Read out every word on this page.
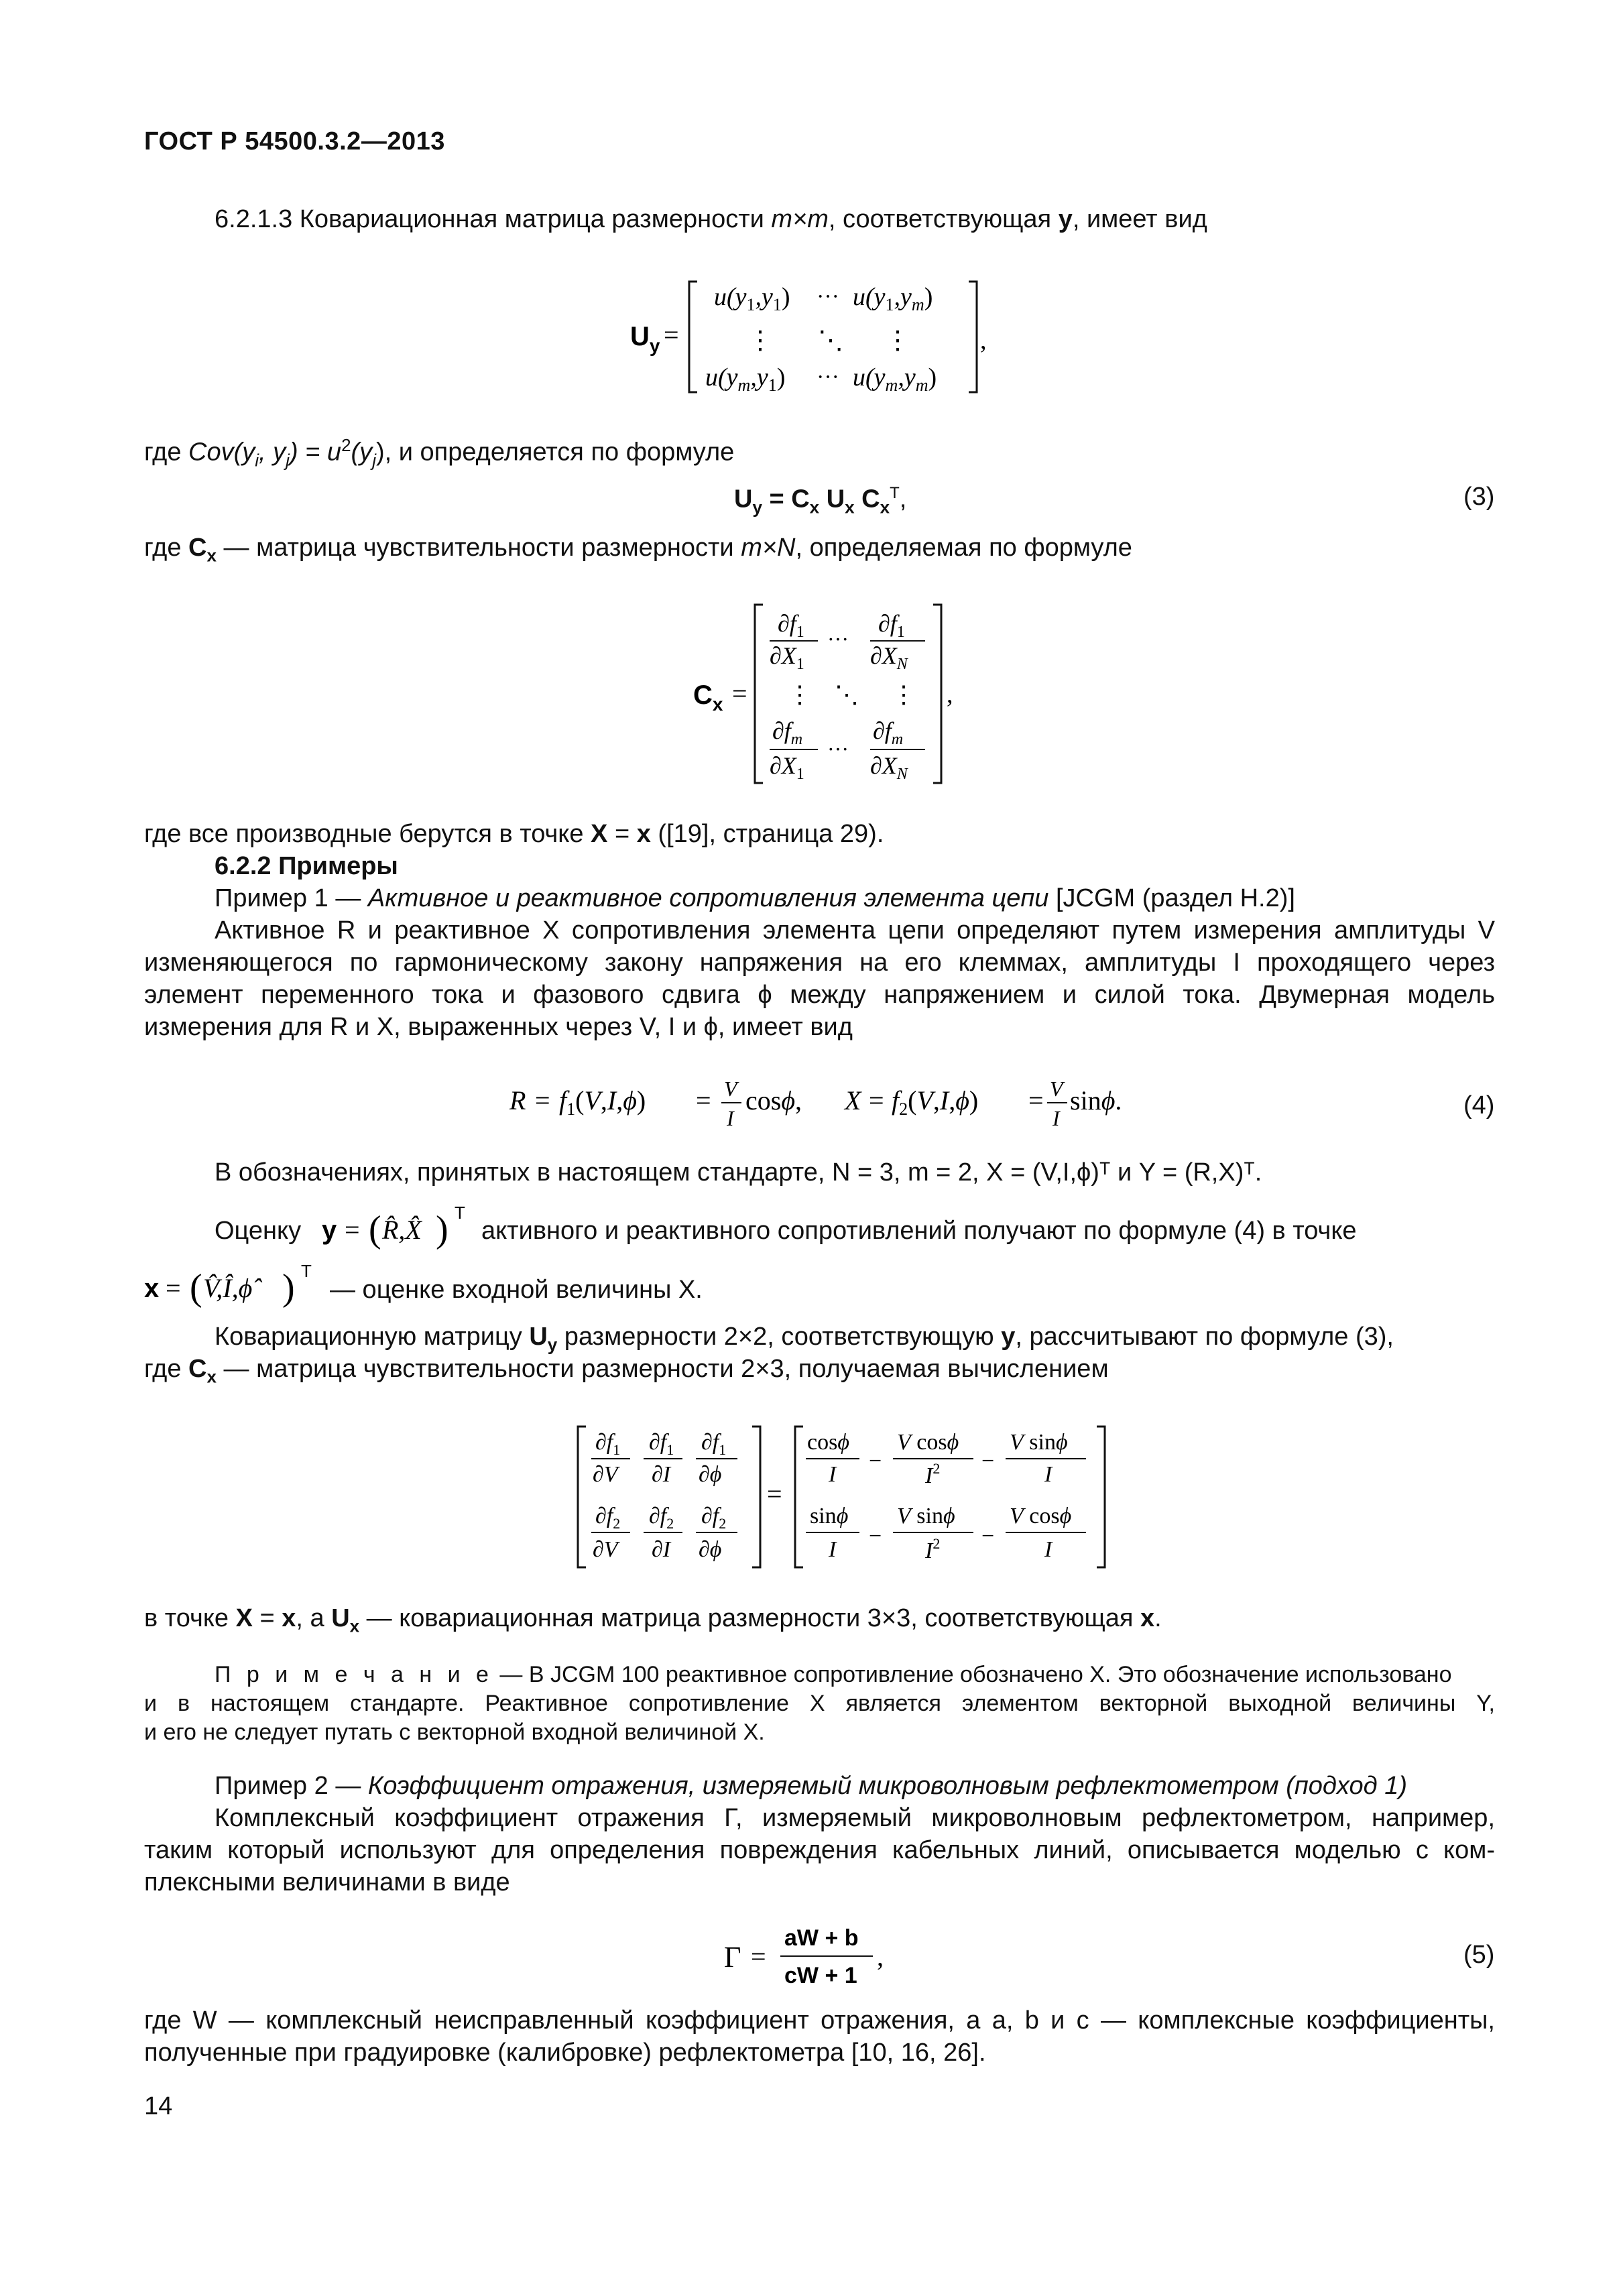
ГОСТ Р 54500.3.2—2013
6.2.1.3 Ковариационная матрица размерности m×m, соответствующая y, имеет вид
$U_y$ =
$u(y_1,y_1)$ ··· $u(y_1,y_m)$
⋮ ⋱ ⋮
$u(y_m,y_1)$ ··· $u(y_m,y_m)$
,
где $Cov(y_i$, $y_j) = u^2(y_j)$, и определяется по формуле
$U_y = C_x$ $U_x$ $C_x^T$,	(3)
где $C_x$ — матрица чувствительности размерности m×N, определяемая по формуле
$C_x$ =
$\partial f_1$
$\partial X_1$
···
$\partial f_1$
$\partial X_N$
⋮ ⋱ ⋮
$\partial f_m$
$\partial X_1$
···
$\partial f_m$
$\partial X_N$
,
где все производные берутся в точке X = x ([19], страница 29).
6.2.2 Примеры
Пример 1 — Активное и реактивное сопротивления элемента цепи [JCGM (раздел H.2)]
Активное R и реактивное X сопротивления элемента цепи определяют путем измерения амплитуды V
изменяющегося по гармоническому закону напряжения на его клеммах, амплитуды I проходящего через
элемент переменного тока и фазового сдвига ϕ между напряжением и силой тока. Двумерная модель
измерения для R и X, выраженных через V, I и ϕ, имеет вид
$R = f_1(V,I,\phi) = V$
I
cosϕ, $X = f_2(V,I,\phi) = V$
I
sinϕ.	(4)
В обозначениях, принятых в настоящем стандарте, N = 3, m = 2, X = (V,I,ϕ)ᵀ и Y = (R,X)ᵀ.
Оценку y = ( R̂,X̂ ) T
активного и реактивного сопротивлений получают по формуле (4) в точке
x = ( V̂,Î,ϕ̂ ) T
— оценке входной величины X.
Ковариационную матрицу $U_y$ размерности 2×2, соответствующую y, рассчитывают по формуле (3),
где $C_x$ — матрица чувствительности размерности 2×3, получаемая вычислением
$\partial f_1$
∂V
$\partial f_1$
∂I
$\partial f_1$
∂ϕ
$\partial f_2$
∂V
$\partial f_2$
∂I
$\partial f_2$
∂ϕ
=
cosϕ
I
−
V cosϕ
$I^2$ −
V sinϕ
I
sinϕ
I
−
V sinϕ
$I^2$ −
V cosϕ
I
в точке X = x, а $U_x$ — ковариационная матрица размерности 3×3, соответствующая x.
П р и м е ч а н и е — В JCGM 100 реактивное сопротивление обозначено X. Это обозначение использовано
и в настоящем стандарте. Реактивное сопротивление X является элементом векторной выходной величины Y,
и его не следует путать с векторной входной величиной X.
Пример 2 — Коэффициент отражения, измеряемый микроволновым рефлектометром (подход 1)
Комплексный коэффициент отражения Γ, измеряемый микроволновым рефлектометром, например,
таким который используют для определения повреждения кабельных линий, описывается моделью с ком-
плексными величинами в виде
Γ =
aW + b
cW + 1
,	(5)
где W — комплексный неисправленный коэффициент отражения, а a, b и c — комплексные коэффициенты,
полученные при градуировке (калибровке) рефлектометра [10, 16, 26].
14
